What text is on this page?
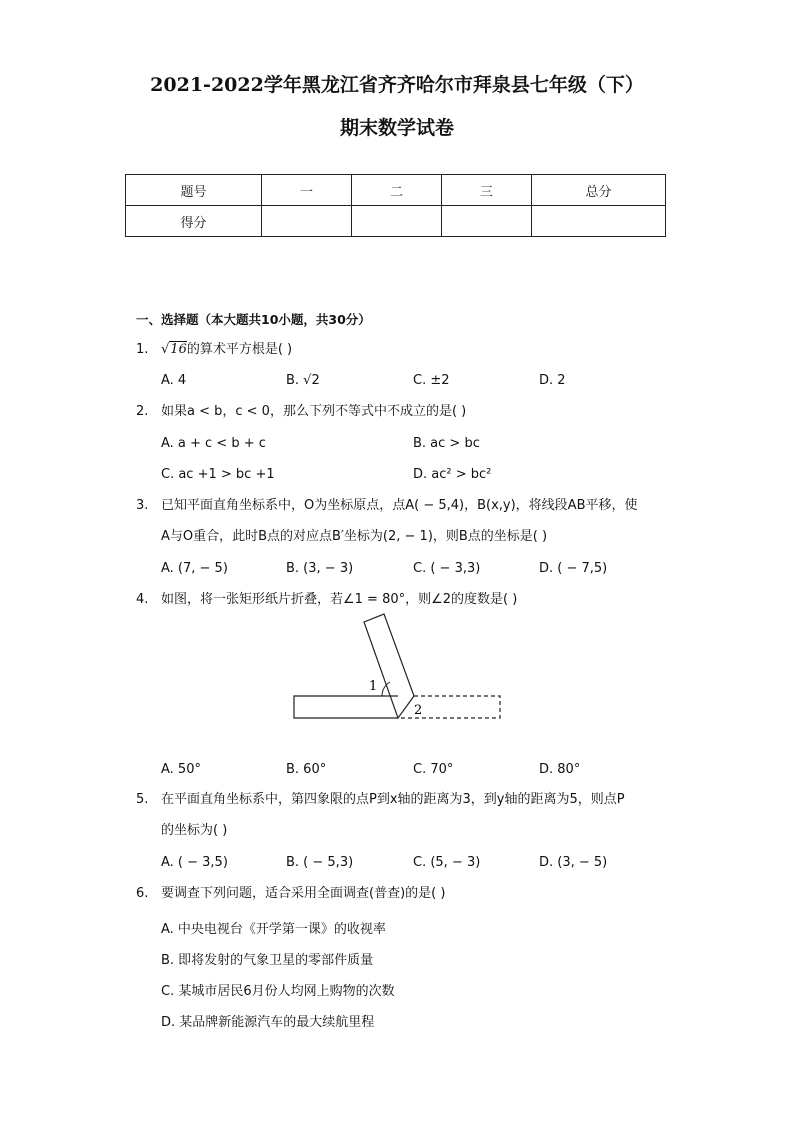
2021-2022学年黑龙江省齐齐哈尔市拜泉县七年级（下）
期末数学试卷
题号	一	二	三	总分
得分				
一、选择题（本大题共10小题，共30分）
1. √16的算术平方根是( )
A. 4	B. √2	C. ±2	D. 2
2. 如果a < b，c < 0，那么下列不等式中不成立的是( )
A. a + c < b + c	B. ac > bc
C. ac +1 > bc +1	D. ac² > bc²
3. 已知平面直角坐标系中，O为坐标原点，点A( − 5,4)，B(x,y)，将线段AB平移，使
A与O重合，此时B点的对应点B′坐标为(2, − 1)，则B点的坐标是( )
A. (7, − 5)	B. (3, − 3)	C. ( − 3,3)	D. ( − 7,5)
4. 如图，将一张矩形纸片折叠，若∠1 = 80°，则∠2的度数是( )
1
2
A. 50°	B. 60°	C. 70°	D. 80°
5. 在平面直角坐标系中，第四象限的点P到x轴的距离为3，到y轴的距离为5，则点P
的坐标为( )
A. ( − 3,5)	B. ( − 5,3)	C. (5, − 3)	D. (3, − 5)
6. 要调查下列问题，适合采用全面调查(普查)的是( )
A. 中央电视台《开学第一课》的收视率
B. 即将发射的气象卫星的零部件质量
C. 某城市居民6月份人均网上购物的次数
D. 某品牌新能源汽车的最大续航里程
